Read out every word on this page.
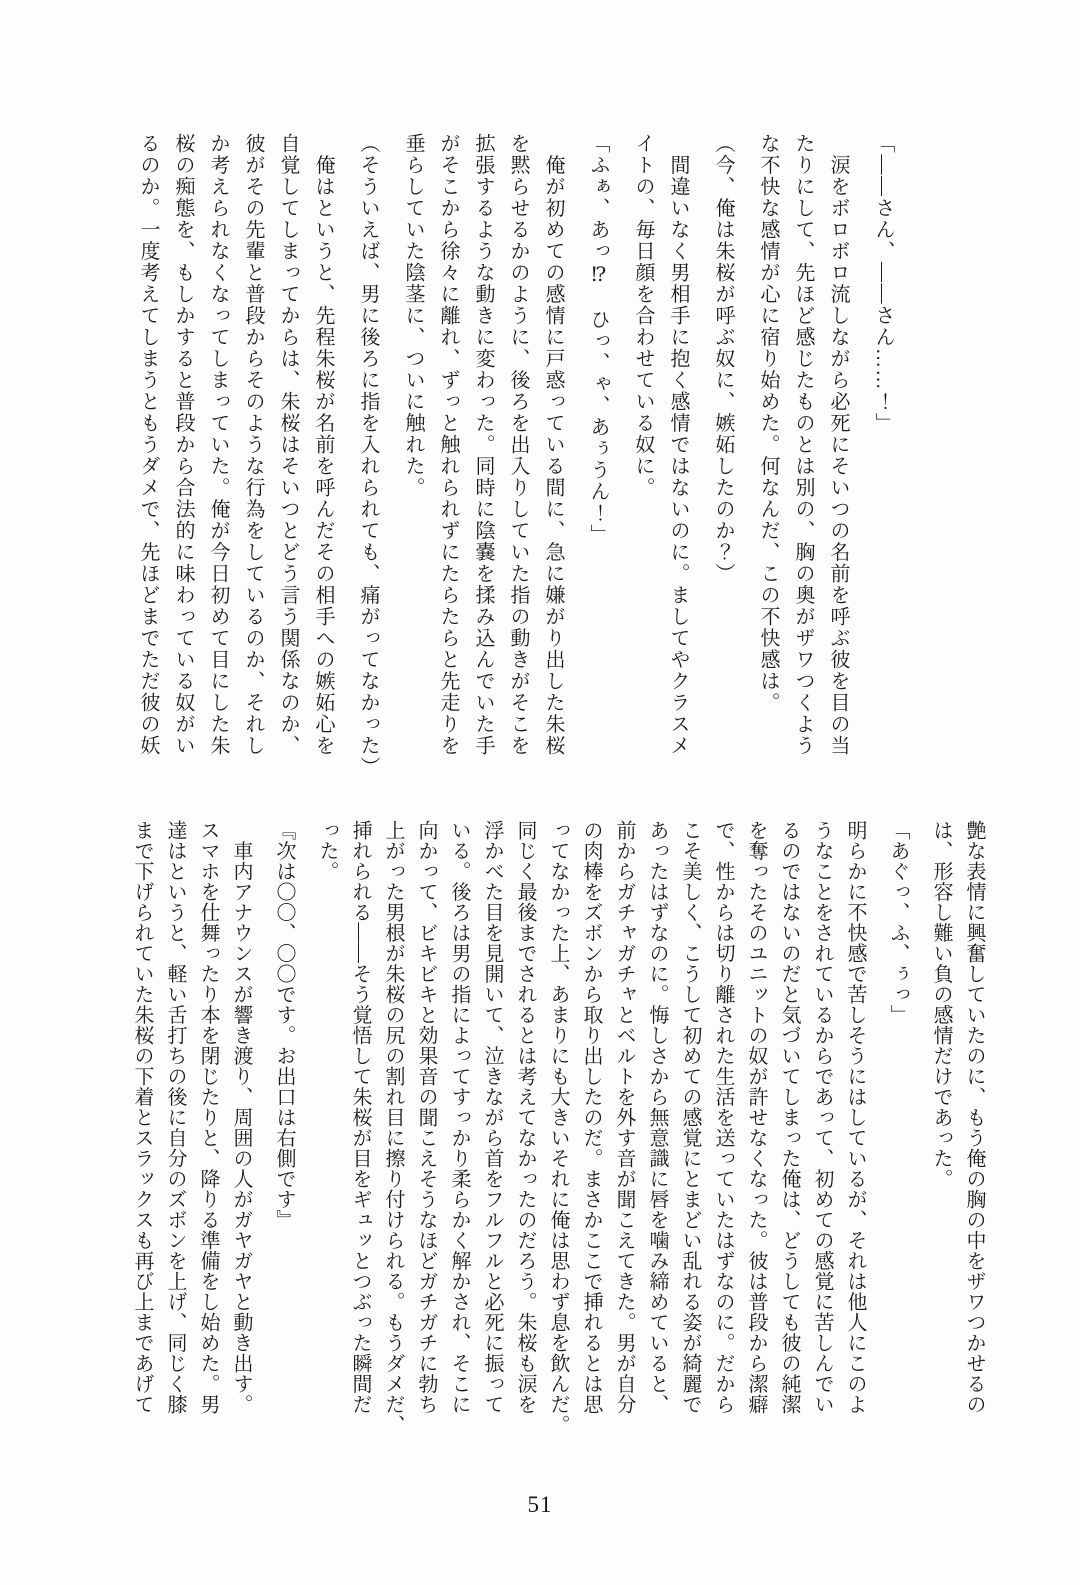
「――さん、――さん……！」

　涙をボロボロ流しながら必死にそいつの名前を呼ぶ彼を目の当

たりにして、先ほど感じたものとは別の、胸の奥がザワつくよう

な不快な感情が心に宿り始めた。何なんだ、この不快感は。

（今、俺は朱桜が呼ぶ奴に、嫉妬したのか？）

　間違いなく男相手に抱く感情ではないのに。ましてやクラスメ

イトの、毎日顔を合わせている奴に。

「ふぁ、あっ⁉　ひっ、ゃ、あぅうん！」

　俺が初めての感情に戸惑っている間に、急に嫌がり出した朱桜

を黙らせるかのように、後ろを出入りしていた指の動きがそこを

拡張するような動きに変わった。同時に陰嚢を揉み込んでいた手

がそこから徐々に離れ、ずっと触れられずにたらたらと先走りを

垂らしていた陰茎に、ついに触れた。

（そういえば、男に後ろに指を入れられても、痛がってなかった）

　俺はというと、先程朱桜が名前を呼んだその相手への嫉妬心を

自覚してしまってからは、朱桜はそいつとどう言う関係なのか、

彼がその先輩と普段からそのような行為をしているのか、それし

か考えられなくなってしまっていた。俺が今日初めて目にした朱

桜の痴態を、もしかすると普段から合法的に味わっている奴がい

るのか。一度考えてしまうともうダメで、先ほどまでただ彼の妖

艶な表情に興奮していたのに、もう俺の胸の中をザワつかせるの

は、形容し難い負の感情だけであった。

「あぐっ、ふ、ぅっ」

明らかに不快感で苦しそうにはしているが、それは他人にこのよ

うなことをされているからであって、初めての感覚に苦しんでい

るのではないのだと気づいてしまった俺は、どうしても彼の純潔

を奪ったそのユニットの奴が許せなくなった。彼は普段から潔癖

で、性からは切り離された生活を送っていたはずなのに。だから

こそ美しく、こうして初めての感覚にとまどい乱れる姿が綺麗で

あったはずなのに。悔しさから無意識に唇を噛み締めていると、

前からガチャガチャとベルトを外す音が聞こえてきた。男が自分

の肉棒をズボンから取り出したのだ。まさかここで挿れるとは思

ってなかった上、あまりにも大きいそれに俺は思わず息を飲んだ。

同じく最後までされるとは考えてなかったのだろう。朱桜も涙を

浮かべた目を見開いて、泣きながら首をフルフルと必死に振って

いる。後ろは男の指によってすっかり柔らかく解かされ、そこに

向かって、ビキビキと効果音の聞こえそうなほどガチガチに勃ち

上がった男根が朱桜の尻の割れ目に擦り付けられる。もうダメだ、

挿れられる――そう覚悟して朱桜が目をギュッとつぶった瞬間だ

った。

『次は〇〇、〇〇です。お出口は右側です』

　車内アナウンスが響き渡り、周囲の人がガヤガヤと動き出す。

スマホを仕舞ったり本を閉じたりと、降りる準備をし始めた。男

達はというと、軽い舌打ちの後に自分のズボンを上げ、同じく膝

まで下げられていた朱桜の下着とスラックスも再び上まであげて

51
